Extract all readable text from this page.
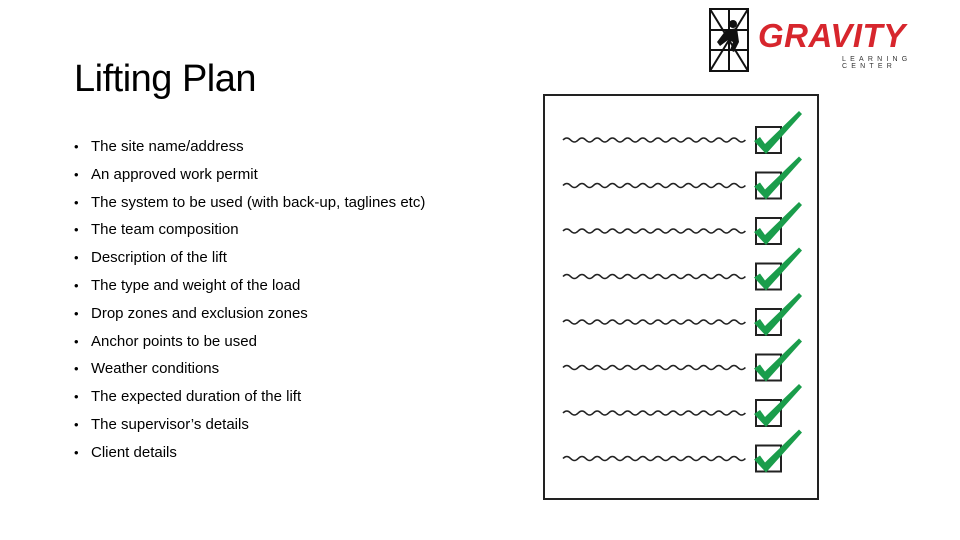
Lifting Plan
• The site name/address
• An approved work permit
• The system to be used (with back-up, taglines etc)
• The team composition
• Description of the lift
• The type and weight of the load
• Drop zones and exclusion zones
• Anchor points to be used
• Weather conditions
• The expected duration of the lift
• The supervisor’s details
• Client details
GRAVITY
LEARNING CENTER
